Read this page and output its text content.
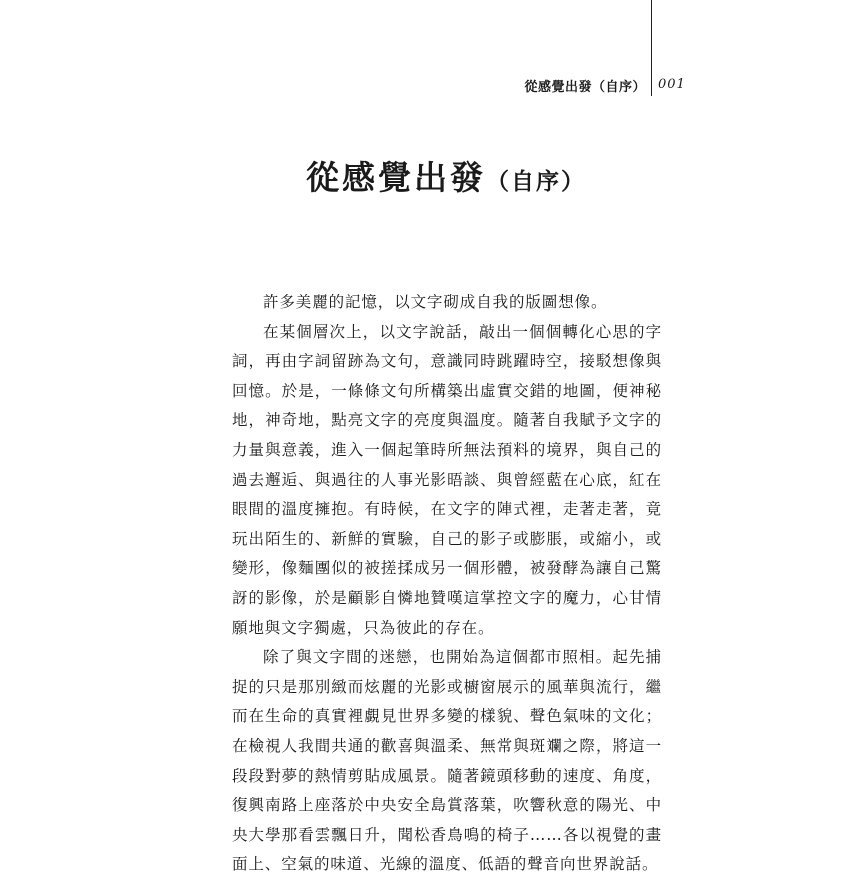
從感覺出發（自序） 001
從感覺出發（自序）

許多美麗的記憶，以文字砌成自我的版圖想像。

在某個層次上，以文字說話，敲出一個個轉化心思的字詞，再由字詞留跡為文句，意識同時跳躍時空，接駁想像與回憶。於是，一條條文句所構築出虛實交錯的地圖，便神秘地，神奇地，點亮文字的亮度與溫度。隨著自我賦予文字的力量與意義，進入一個起筆時所無法預料的境界，與自己的過去邂逅、與過往的人事光影晤談、與曾經藍在心底，紅在眼間的溫度擁抱。有時候，在文字的陣式裡，走著走著，竟玩出陌生的、新鮮的實驗，自己的影子或膨脹，或縮小，或變形，像麵團似的被搓揉成另一個形體，被發酵為讓自己驚訝的影像，於是顧影自憐地贊嘆這掌控文字的魔力，心甘情願地與文字獨處，只為彼此的存在。

除了與文字間的迷戀，也開始為這個都市照相。起先捕捉的只是那別緻而炫麗的光影或櫥窗展示的風華與流行，繼而在生命的真實裡覷見世界多變的樣貌、聲色氣味的文化；在檢視人我間共通的歡喜與溫柔、無常與斑斕之際，將這一段段對夢的熱情剪貼成風景。隨著鏡頭移動的速度、角度，復興南路上座落於中央安全島賞落葉，吹響秋意的陽光、中央大學那看雲飄日升，聞松香鳥鳴的椅子……各以視覺的畫面上、空氣的味道、光線的溫度、低語的聲音向世界說話。
